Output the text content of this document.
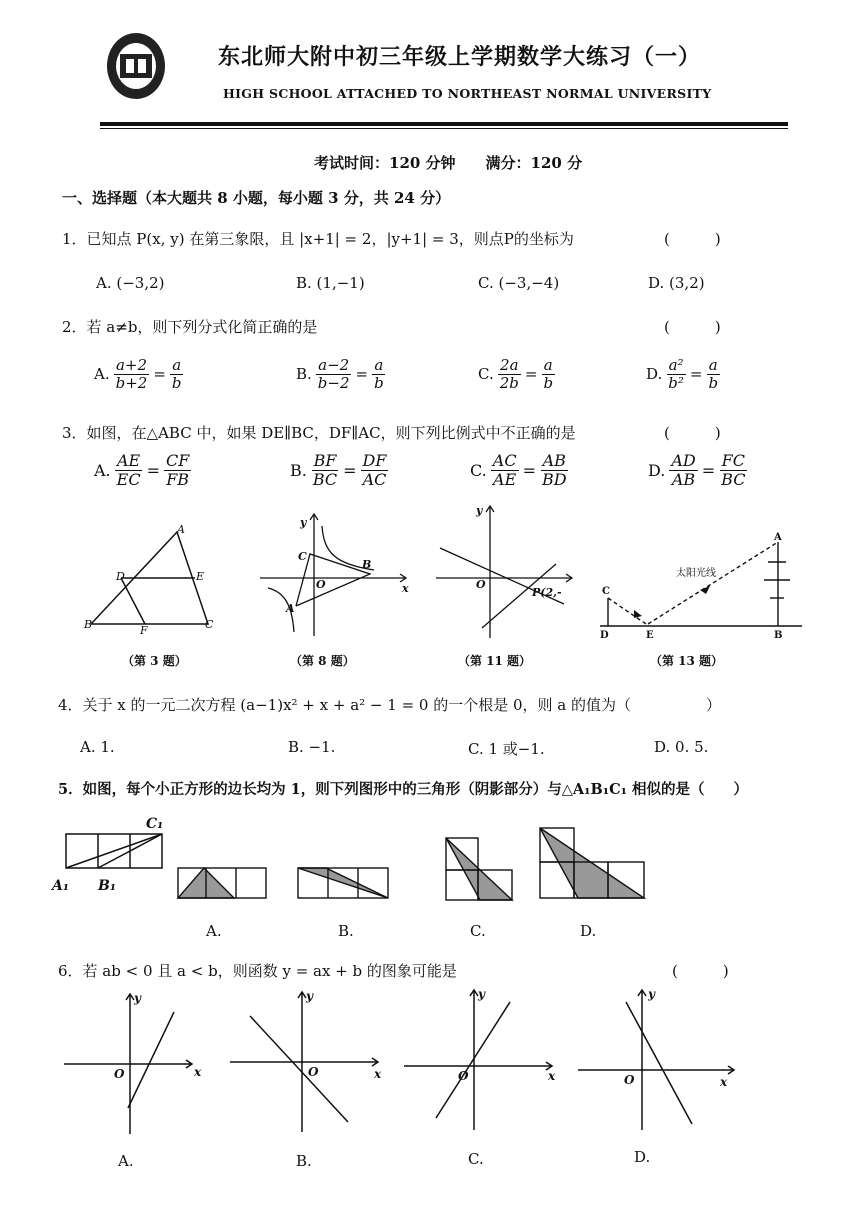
东北师大附中初三年级上学期数学大练习（一）
HIGH SCHOOL ATTACHED TO NORTHEAST NORMAL UNIVERSITY
考试时间：120 分钟　　满分：120 分
一、选择题（本大题共 8 小题，每小题 3 分，共 24 分）
1．已知点 P(x, y) 在第三象限，且 |x+1| = 2，|y+1| = 3，则点P的坐标为	(　　　)
A. (−3,2)	B. (1,−1)	C. (−3,−4)	D. (3,2)
2．若 a≠b，则下列分式化简正确的是	(　　　)
A. $\frac{a+2}{b+2} = \frac{a}{b}$	B. $\frac{a-2}{b-2} = \frac{a}{b}$	C. $\frac{2a}{2b} = \frac{a}{b}$	D. $\frac{\text{a²}}{\text{b²}} = \frac{a}{b}$
3．如图，在△ABC 中，如果 DE∥BC，DF∥AC，则下列比例式中不正确的是	(　　　)
A. $\frac{AE}{EC} = \frac{CF}{FB}$	B. $\frac{BF}{BC} = \frac{DF}{AC}$	C. $\frac{AC}{AE} = \frac{AB}{BD}$	D. $\frac{AD}{AB} = \frac{FC}{BC}$
A
D	E
B	F	C
（第 3 题）
y
x
O
C
B
A
（第 8 题）
y
O
P(2,-
（第 11 题）
C
D	E	B
A
太阳光线
（第 13 题）
4．关于 x 的一元二次方程 (a−1)x² + x + a² − 1 = 0 的一个根是 0，则 a 的值为（　　　　　）
A. 1.	B. −1.	C. 1 或−1.	D. 0. 5.
5．如图，每个小正方形的边长均为 1，则下列图形中的三角形（阴影部分）与△A₁B₁C₁ 相似的是（　　）
C₁
A₁ B₁
A.	B.	C.	D.
6．若 ab < 0 且 a < b，则函数 y = ax + b 的图象可能是	(　　　)
y
x
O
A.
y
x
O
B.
y
x
O
C.
y
x
O
D.
